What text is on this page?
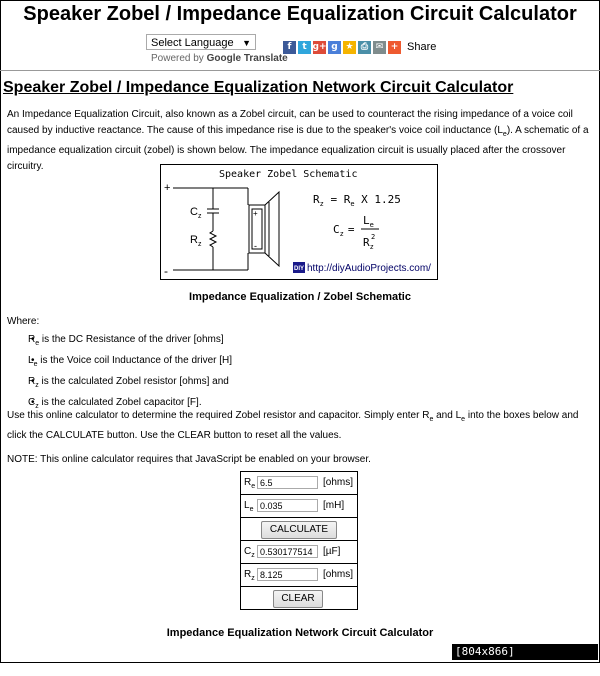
Speaker Zobel / Impedance Equalization Circuit Calculator
Select Language ▼
Powered by Google Translate
f	t g+ g ★ ⎙ ✉ + Share
Speaker Zobel / Impedance Equalization Network Circuit Calculator
An Impedance Equalization Circuit, also known as a Zobel circuit, can be used to counteract the rising impedance of a voice coil caused by inductive reactance. The cause of this impedance rise is due to the speaker's voice coil inductance $(L_e)$. A schematic of a impedance equalization circuit (zobel) is shown below. The impedance equalization circuit is usually placed after the crossover circuitry.
Speaker Zobel Schematic
+
-
$C_z$
$R_z$
+
-
$R_z = R_e$ X 1.25
$C_z$ =
$L_e$
$R_z$
2
DIY http://diyAudioProjects.com/
Impedance Equalization / Zobel Schematic
Where:
• $R_e$ is the DC Resistance of the driver [ohms]
• $L_e$ is the Voice coil Inductance of the driver [H]
• $R_z$ is the calculated Zobel resistor [ohms] and
• $C_z$ is the calculated Zobel capacitor [F].
Use this online calculator to determine the required Zobel resistor and capacitor. Simply enter $R_e$ and $L_e$ into the boxes below and click the CALCULATE button. Use the CLEAR button to reset all the values.
NOTE: This online calculator requires that JavaScript be enabled on your browser.
$R_e$ 6.5	[ohms]
$L_e$ 0.035	[mH]
CALCULATE
$C_z$ 0.530177514	[µF]
$R_z$ 8.125	[ohms]
CLEAR
Impedance Equalization Network Circuit Calculator
[804x866] http://upic.me/
